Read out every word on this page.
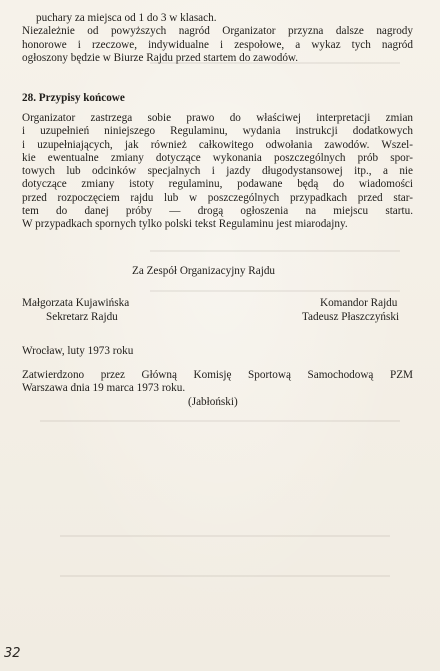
puchary za miejsca od 1 do 3 w klasach.
Niezależnie od powyższych nagród Organizator przyzna dalsze nagrody
honorowe i rzeczowe, indywidualne i zespołowe, a wykaz tych nagród
ogłoszony będzie w Biurze Rajdu przed startem do zawodów.
28. Przypisy końcowe
Organizator zastrzega sobie prawo do właściwej interpretacji zmian
i uzupełnień niniejszego Regulaminu, wydania instrukcji dodatkowych
i uzupełniających, jak również całkowitego odwołania zawodów. Wszel-
kie ewentualne zmiany dotyczące wykonania poszczególnych prób spor-
towych lub odcinków specjalnych i jazdy długodystansowej itp., a nie
dotyczące zmiany istoty regulaminu, podawane będą do wiadomości
przed rozpoczęciem rajdu lub w poszczególnych przypadkach przed star-
tem do danej próby — drogą ogłoszenia na miejscu startu.
W przypadkach spornych tylko polski tekst Regulaminu jest miarodajny.
Za Zespół Organizacyjny Rajdu
Małgorzata Kujawińska
Sekretarz Rajdu
Komandor Rajdu
Tadeusz Płaszczyński
Wrocław, luty 1973 roku
Zatwierdzono przez Główną Komisję Sportową Samochodową PZM
Warszawa dnia 19 marca 1973 roku.
(Jabłoński)
32
